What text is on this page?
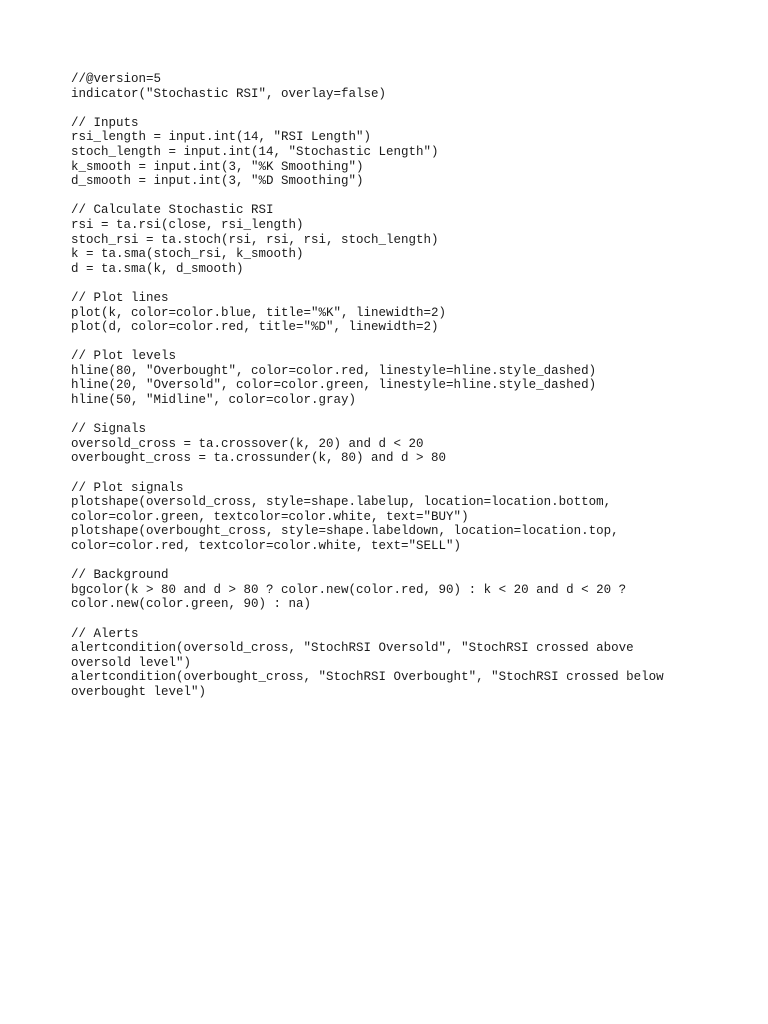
//@version=5
indicator("Stochastic RSI", overlay=false)
// Inputs
rsi_length = input.int(14, "RSI Length")
stoch_length = input.int(14, "Stochastic Length")
k_smooth = input.int(3, "%K Smoothing")
d_smooth = input.int(3, "%D Smoothing")
// Calculate Stochastic RSI
rsi = ta.rsi(close, rsi_length)
stoch_rsi = ta.stoch(rsi, rsi, rsi, stoch_length)
k = ta.sma(stoch_rsi, k_smooth)
d = ta.sma(k, d_smooth)
// Plot lines
plot(k, color=color.blue, title="%K", linewidth=2)
plot(d, color=color.red, title="%D", linewidth=2)
// Plot levels
hline(80, "Overbought", color=color.red, linestyle=hline.style_dashed)
hline(20, "Oversold", color=color.green, linestyle=hline.style_dashed)
hline(50, "Midline", color=color.gray)
// Signals
oversold_cross = ta.crossover(k, 20) and d < 20
overbought_cross = ta.crossunder(k, 80) and d > 80
// Plot signals
plotshape(oversold_cross, style=shape.labelup, location=location.bottom,
color=color.green, textcolor=color.white, text="BUY")
plotshape(overbought_cross, style=shape.labeldown, location=location.top,
color=color.red, textcolor=color.white, text="SELL")
// Background
bgcolor(k > 80 and d > 80 ? color.new(color.red, 90) : k < 20 and d < 20 ?
color.new(color.green, 90) : na)
// Alerts
alertcondition(oversold_cross, "StochRSI Oversold", "StochRSI crossed above
oversold level")
alertcondition(overbought_cross, "StochRSI Overbought", "StochRSI crossed below
overbought level")
